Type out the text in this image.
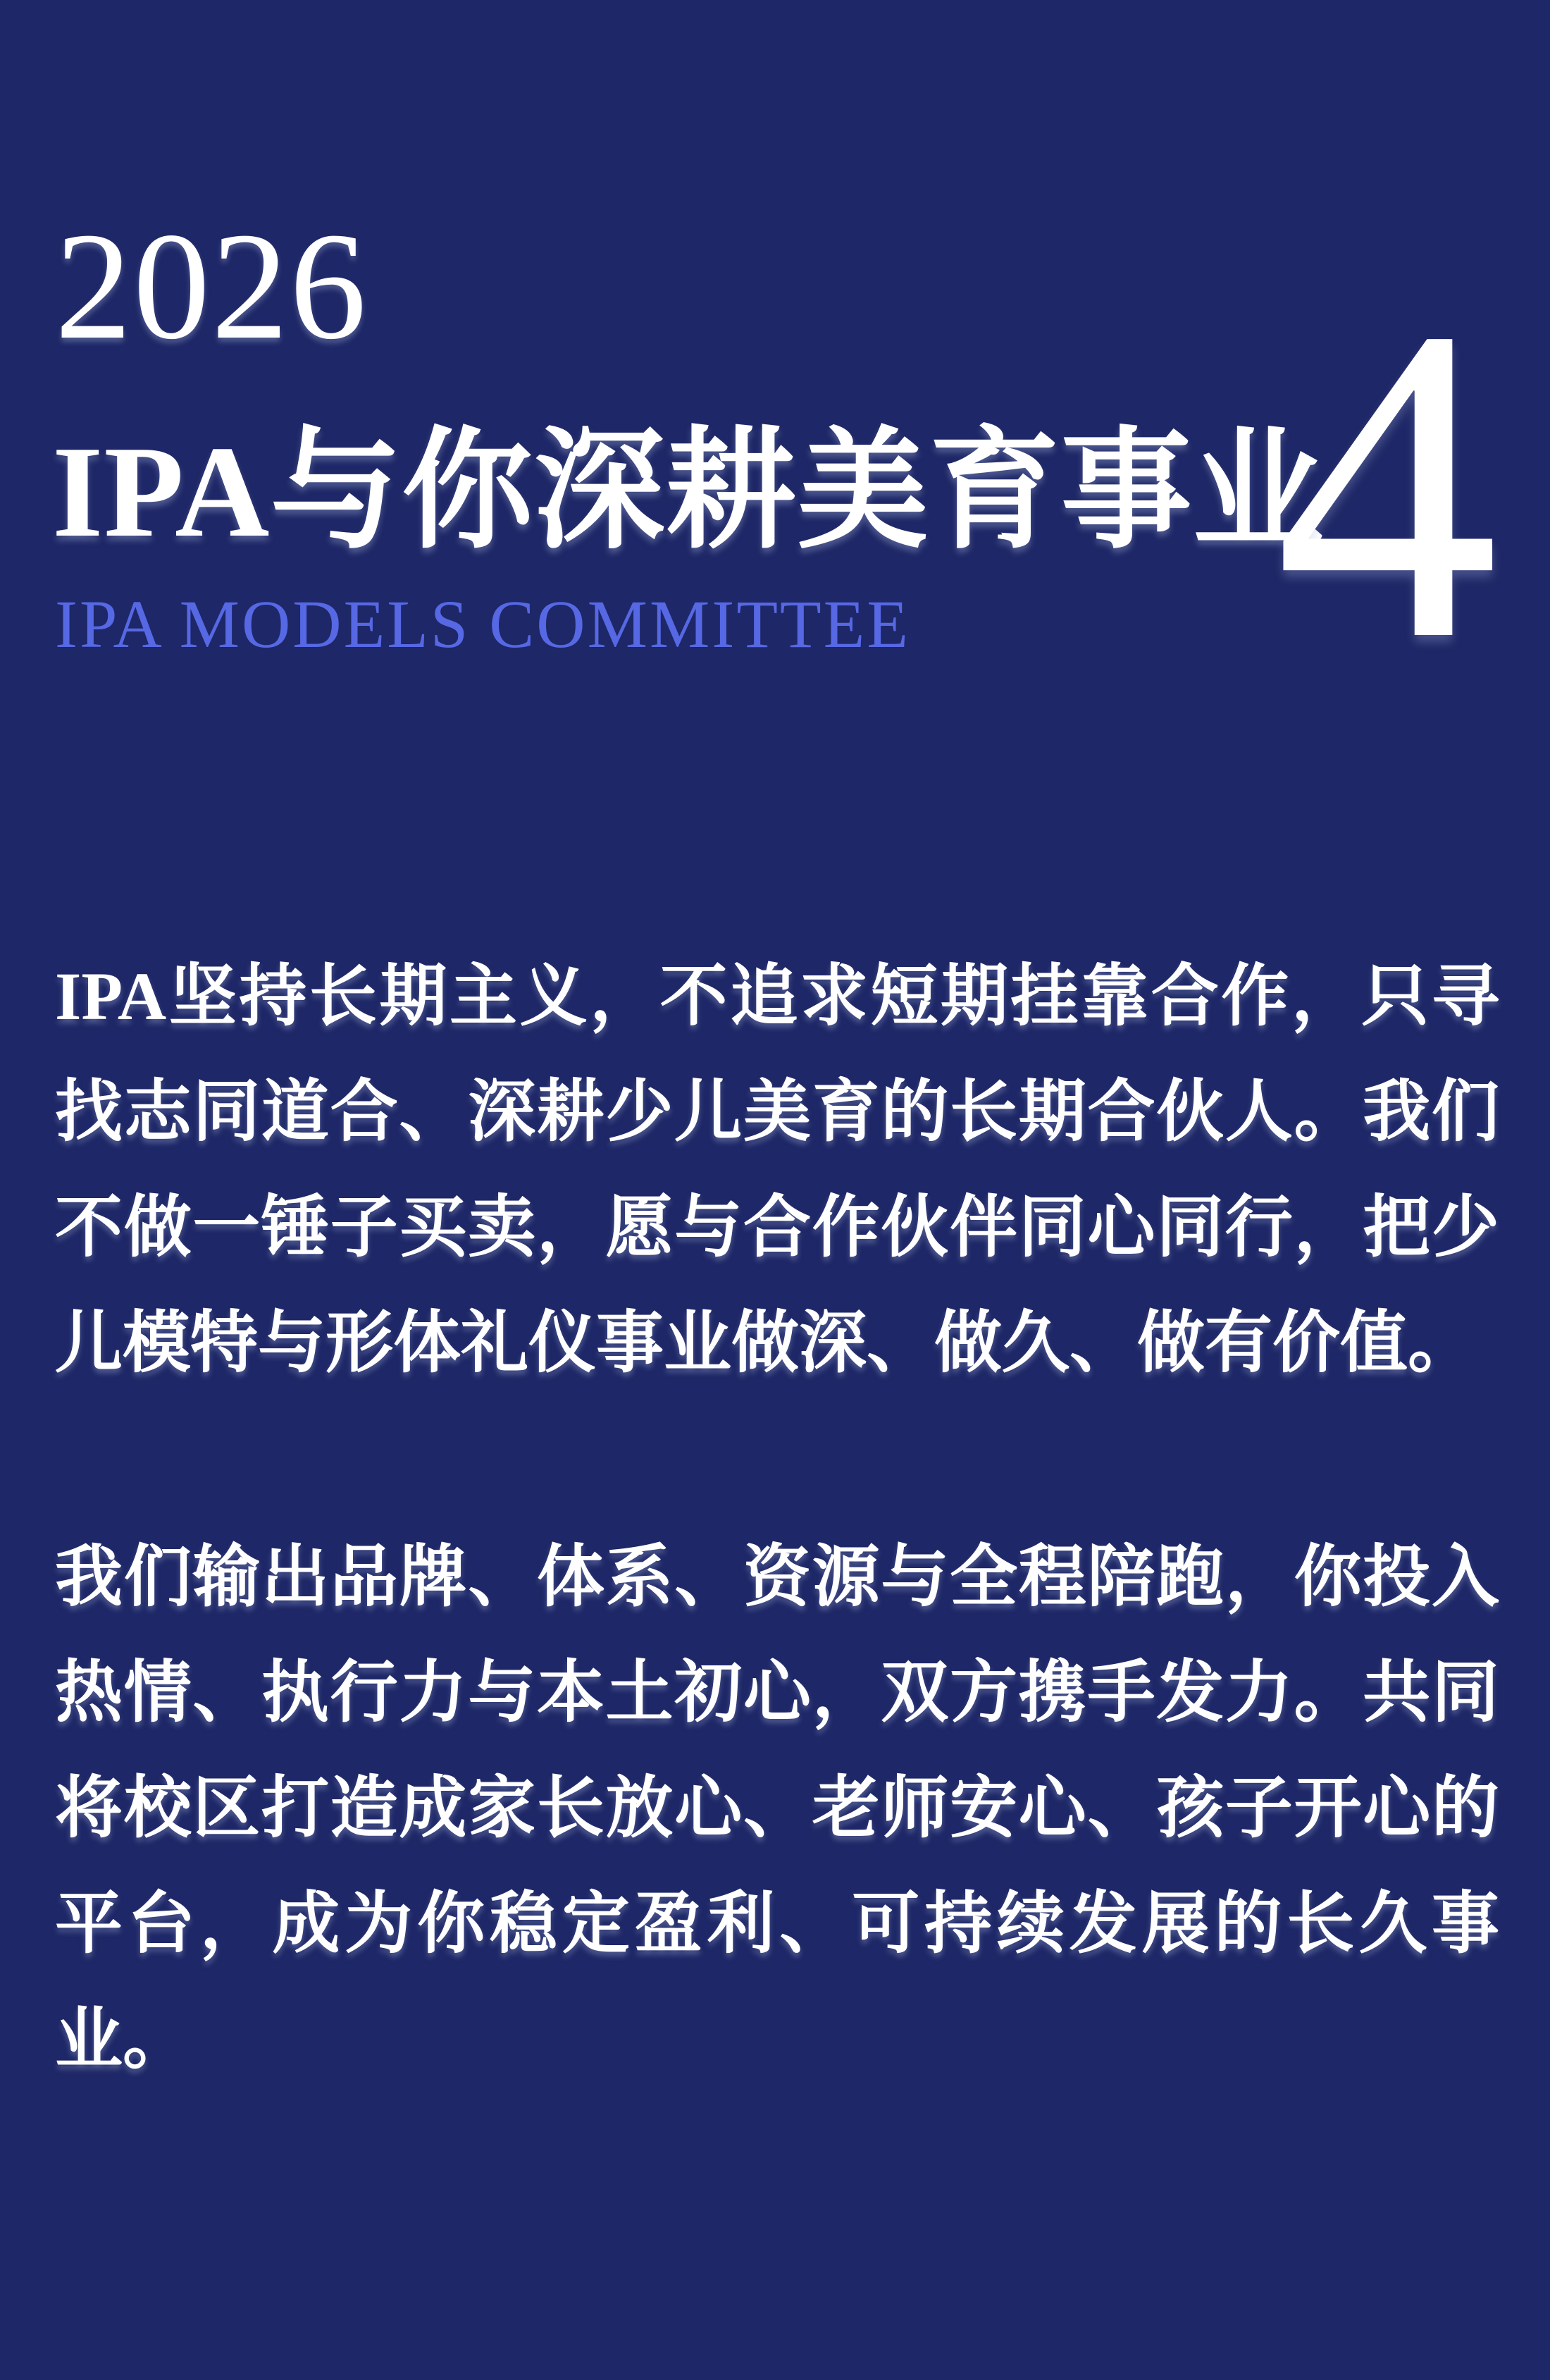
2026
IPA与你深耕美育事业
IPA MODELS COMMITTEE 4
IPA坚持长期主义，不追求短期挂靠合作，只寻
找志同道合、深耕少儿美育的长期合伙人。我们
不做一锤子买卖，愿与合作伙伴同心同行，把少
儿模特与形体礼仪事业做深、做久、做有价值。
我们输出品牌、体系、资源与全程陪跑，你投入
热情、执行力与本土初心，双方携手发力。共同
将校区打造成家长放心、老师安心、孩子开心的
平台，成为你稳定盈利、可持续发展的长久事
业。
